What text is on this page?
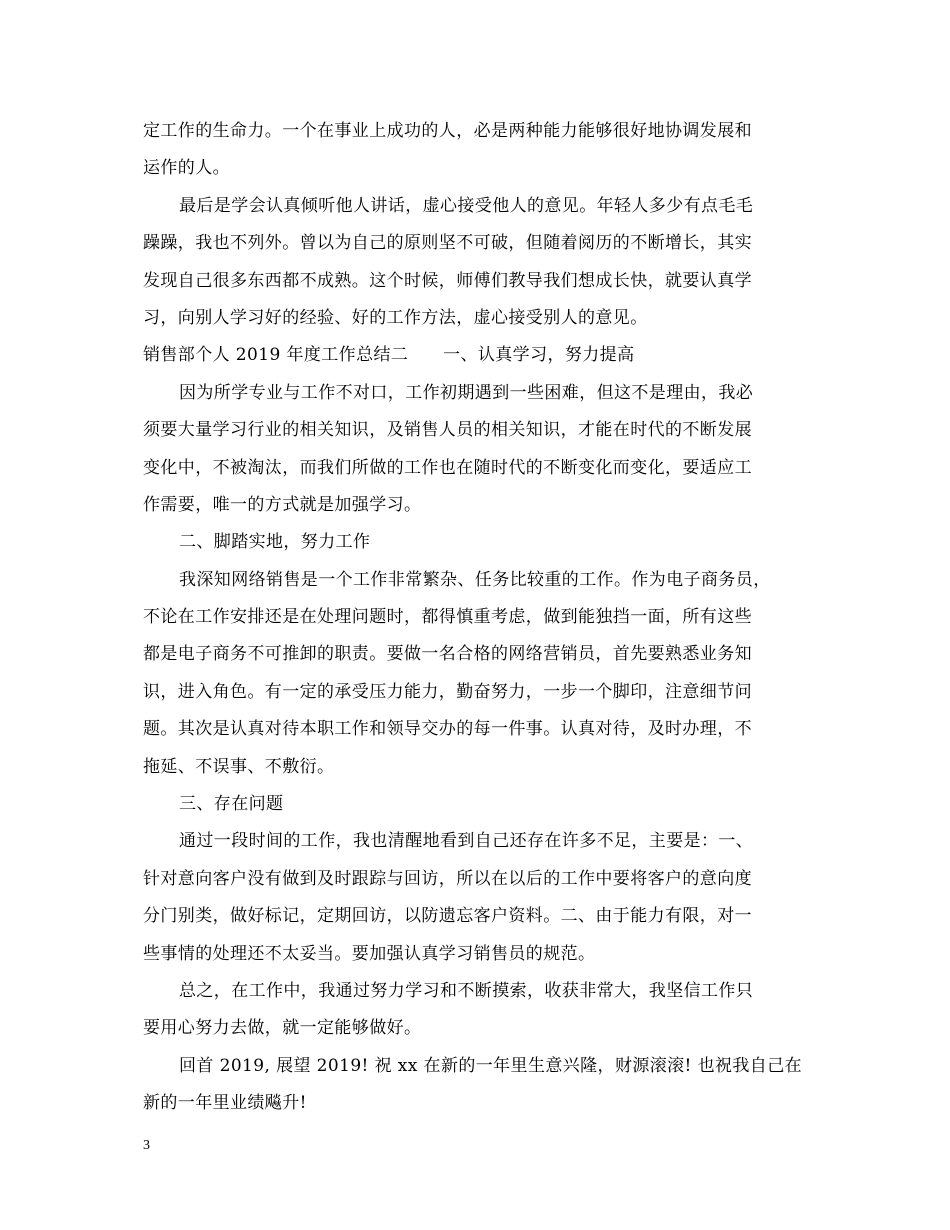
定工作的生命力。一个在事业上成功的人，必是两种能力能够很好地协调发展和
运作的人。
最后是学会认真倾听他人讲话，虚心接受他人的意见。年轻人多少有点毛毛
躁躁，我也不列外。曾以为自己的原则坚不可破，但随着阅历的不断增长，其实
发现自己很多东西都不成熟。这个时候，师傅们教导我们想成长快，就要认真学
习，向别人学习好的经验、好的工作方法，虚心接受别人的意见。
销售部个人 2019 年度工作总结二　　一、认真学习，努力提高
因为所学专业与工作不对口，工作初期遇到一些困难，但这不是理由，我必
须要大量学习行业的相关知识，及销售人员的相关知识，才能在时代的不断发展
变化中，不被淘汰，而我们所做的工作也在随时代的不断变化而变化，要适应工
作需要，唯一的方式就是加强学习。
二、脚踏实地，努力工作
我深知网络销售是一个工作非常繁杂、任务比较重的工作。作为电子商务员，
不论在工作安排还是在处理问题时，都得慎重考虑，做到能独挡一面，所有这些
都是电子商务不可推卸的职责。要做一名合格的网络营销员，首先要熟悉业务知
识，进入角色。有一定的承受压力能力，勤奋努力，一步一个脚印，注意细节问
题。其次是认真对待本职工作和领导交办的每一件事。认真对待，及时办理，不
拖延、不误事、不敷衍。
三、存在问题
通过一段时间的工作，我也清醒地看到自己还存在许多不足，主要是：一、
针对意向客户没有做到及时跟踪与回访，所以在以后的工作中要将客户的意向度
分门别类，做好标记，定期回访，以防遗忘客户资料。二、由于能力有限，对一
些事情的处理还不太妥当。要加强认真学习销售员的规范。
总之，在工作中，我通过努力学习和不断摸索，收获非常大，我坚信工作只
要用心努力去做，就一定能够做好。
回首 2019, 展望 2019! 祝 xx 在新的一年里生意兴隆，财源滚滚! 也祝我自己在
新的一年里业绩飚升!
3
